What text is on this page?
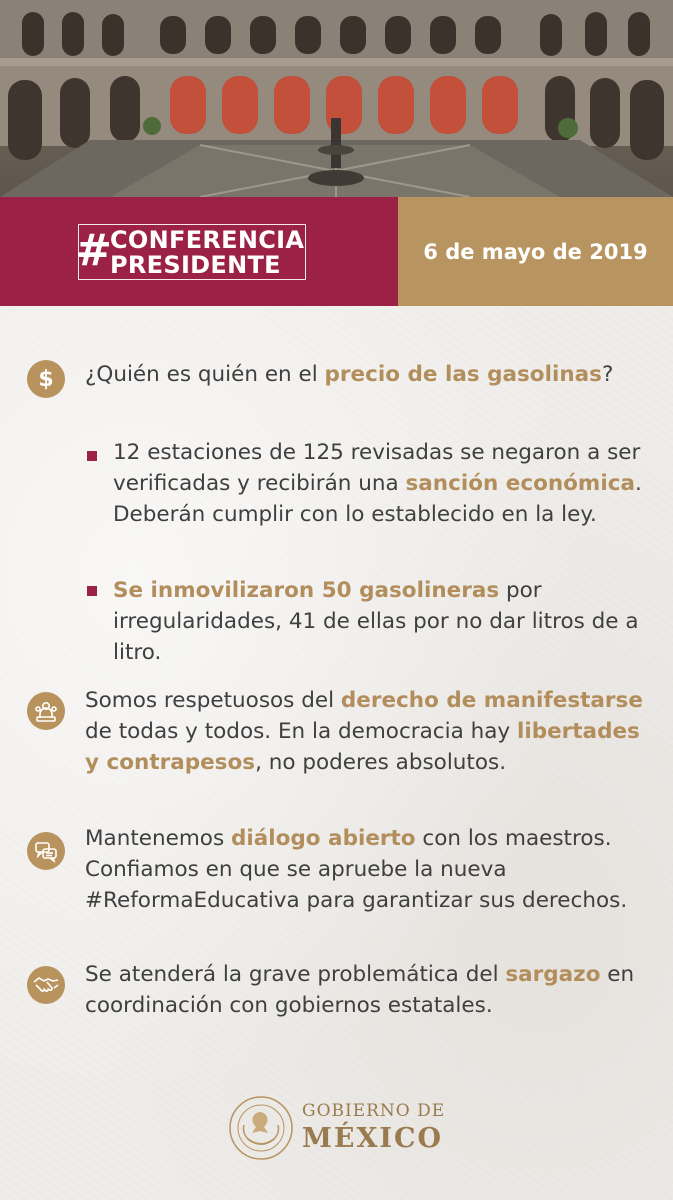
#
CONFERENCIA
PRESIDENTE	6 de mayo de 2019
$ ¿Quién es quién en el precio de las gasolinas?
12 estaciones de 125 revisadas se negaron a ser verificadas y recibirán una sanción económica. Deberán cumplir con lo establecido en la ley.
Se inmovilizaron 50 gasolineras por irregularidades, 41 de ellas por no dar litros de a litro.
Somos respetuosos del derecho de manifestarse de todas y todos. En la democracia hay libertades y contrapesos, no poderes absolutos.
Mantenemos diálogo abierto con los maestros. Confiamos en que se apruebe la nueva #ReformaEducativa para garantizar sus derechos.
Se atenderá la grave problemática del sargazo en coordinación con gobiernos estatales.
GOBIERNO DE
MÉXICO
